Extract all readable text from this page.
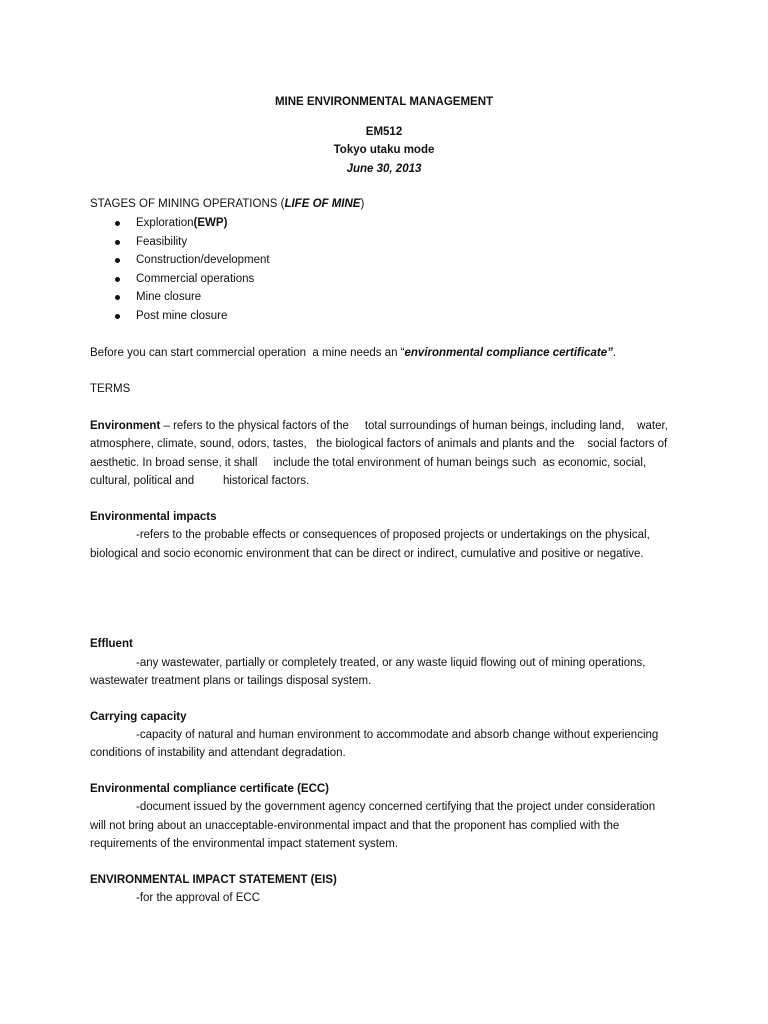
MINE ENVIRONMENTAL MANAGEMENT
EM512
Tokyo utaku mode
June 30, 2013
STAGES OF MINING OPERATIONS (LIFE OF MINE)
Exploration(EWP)
Feasibility
Construction/development
Commercial operations
Mine closure
Post mine closure
Before you can start commercial operation  a mine needs an “environmental compliance certificate”.
TERMS
Environment – refers to the physical factors of the     total surroundings of human beings, including land,    water,
atmosphere, climate, sound, odors, tastes,   the biological factors of animals and plants and the    social factors of
aesthetic. In broad sense, it shall     include the total environment of human beings such  as economic, social,
cultural, political and         historical factors.
Environmental impacts
-refers to the probable effects or consequences of proposed projects or undertakings on the physical,
biological and socio economic environment that can be direct or indirect, cumulative and positive or negative.
Effluent
-any wastewater, partially or completely treated, or any waste liquid flowing out of mining operations,
wastewater treatment plans or tailings disposal system.
Carrying capacity
-capacity of natural and human environment to accommodate and absorb change without experiencing
conditions of instability and attendant degradation.
Environmental compliance certificate (ECC)
-document issued by the government agency concerned certifying that the project under consideration
will not bring about an unacceptable-environmental impact and that the proponent has complied with the
requirements of the environmental impact statement system.
ENVIRONMENTAL IMPACT STATEMENT (EIS)
-for the approval of ECC
